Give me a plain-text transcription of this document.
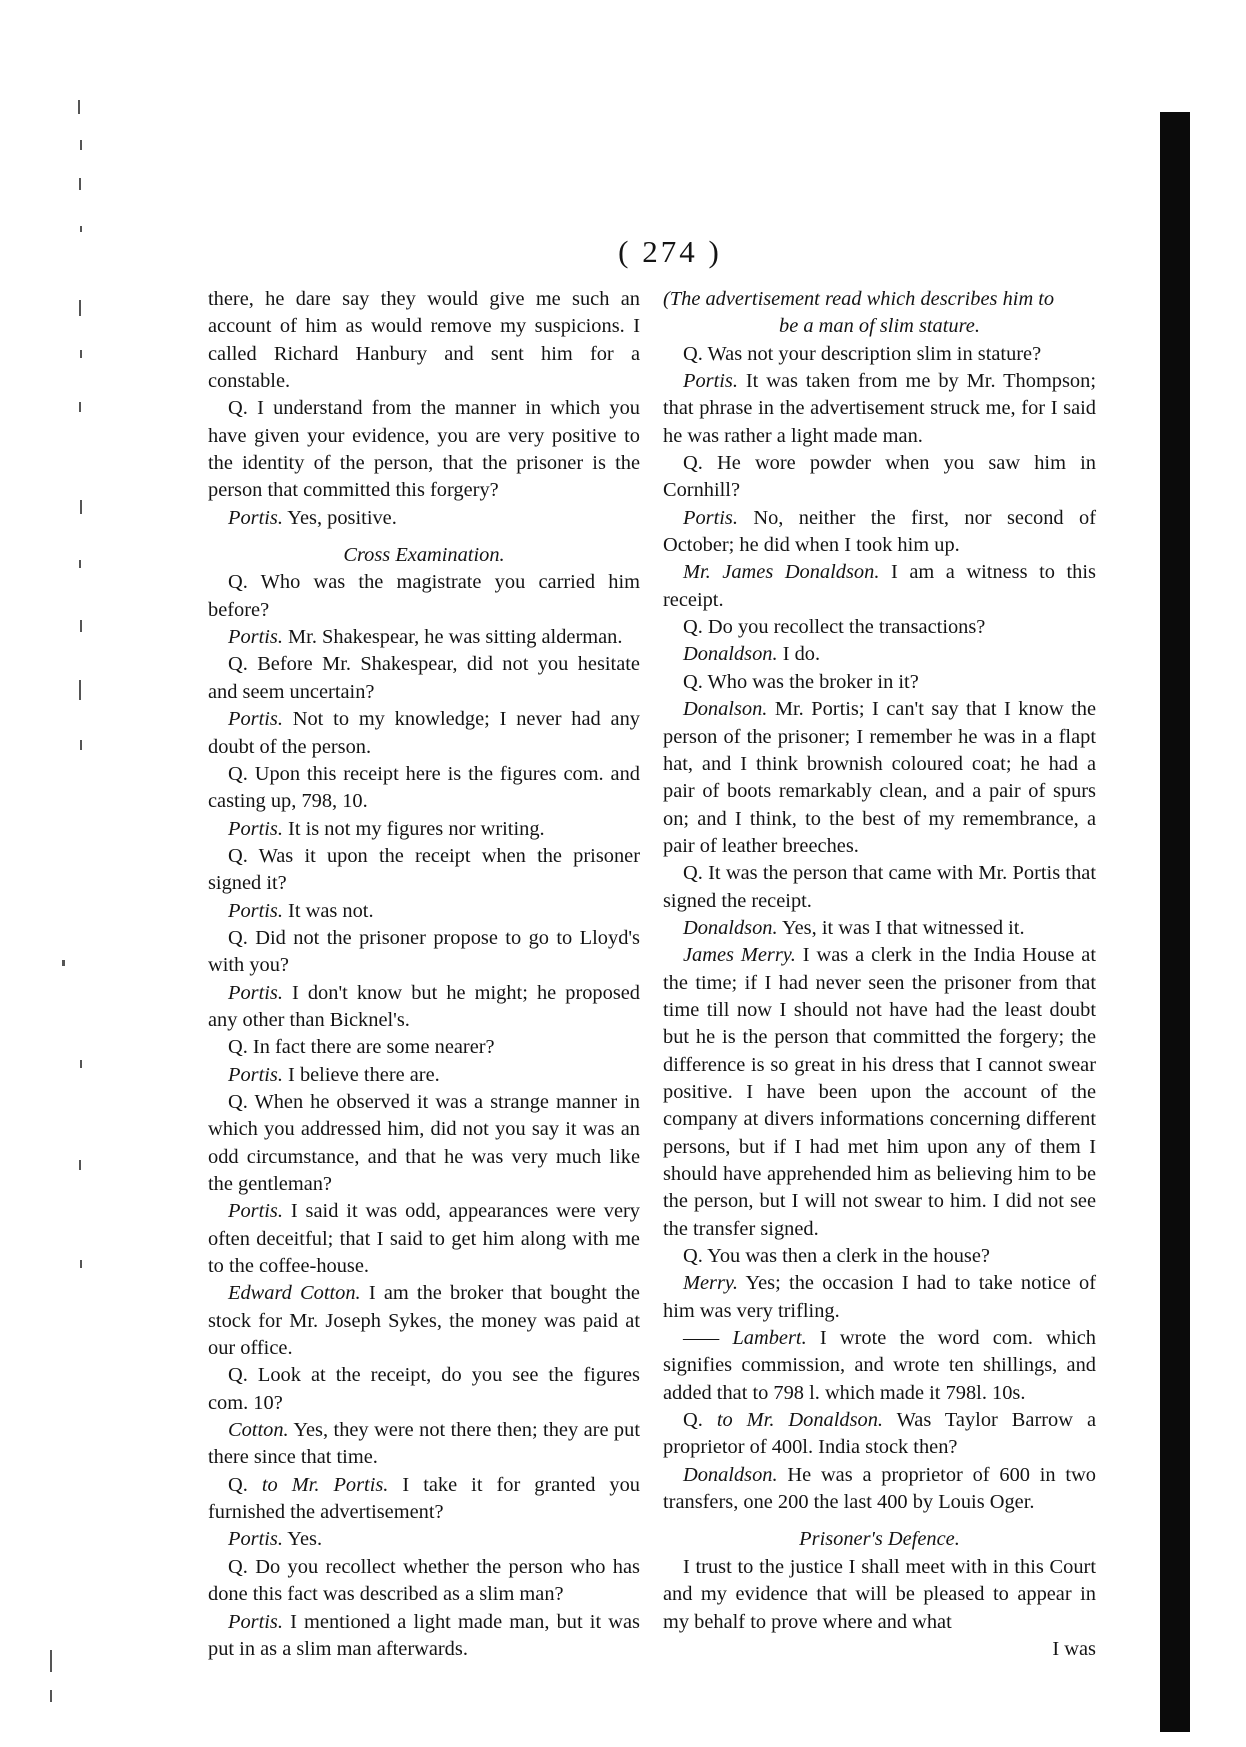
( 274 )

there, he dare say they would give me such an account of him as would remove my suspicions. I called Richard Hanbury and sent him for a constable.

Q. I understand from the manner in which you have given your evidence, you are very positive to the identity of the person, that the prisoner is the person that committed this forgery?

Portis. Yes, positive.

Cross Examination.

Q. Who was the magistrate you carried him before?

Portis. Mr. Shakespear, he was sitting alderman.

Q. Before Mr. Shakespear, did not you hesitate and seem uncertain?

Portis. Not to my knowledge; I never had any doubt of the person.

Q. Upon this receipt here is the figures com. and casting up, 798, 10.

Portis. It is not my figures nor writing.

Q. Was it upon the receipt when the prisoner signed it?

Portis. It was not.

Q. Did not the prisoner propose to go to Lloyd's with you?

Portis. I don't know but he might; he proposed any other than Bicknel's.

Q. In fact there are some nearer?

Portis. I believe there are.

Q. When he observed it was a strange manner in which you addressed him, did not you say it was an odd circumstance, and that he was very much like the gentleman?

Portis. I said it was odd, appearances were very often deceitful; that I said to get him along with me to the coffee-house.

Edward Cotton. I am the broker that bought the stock for Mr. Joseph Sykes, the money was paid at our office.

Q. Look at the receipt, do you see the figures com. 10?

Cotton. Yes, they were not there then; they are put there since that time.

Q. to Mr. Portis. I take it for granted you furnished the advertisement?

Portis. Yes.

Q. Do you recollect whether the person who has done this fact was described as a slim man?

Portis. I mentioned a light made man, but it was put in as a slim man afterwards.

(The advertisement read which describes him to
be a man of slim stature.

Q. Was not your description slim in stature?

Portis. It was taken from me by Mr. Thompson; that phrase in the advertisement struck me, for I said he was rather a light made man.

Q. He wore powder when you saw him in Cornhill?

Portis. No, neither the first, nor second of October; he did when I took him up.

Mr. James Donaldson. I am a witness to this receipt.

Q. Do you recollect the transactions?

Donaldson. I do.

Q. Who was the broker in it?

Donalson. Mr. Portis; I can't say that I know the person of the prisoner; I remember he was in a flapt hat, and I think brownish coloured coat; he had a pair of boots remarkably clean, and a pair of spurs on; and I think, to the best of my remembrance, a pair of leather breeches.

Q. It was the person that came with Mr. Portis that signed the receipt.

Donaldson. Yes, it was I that witnessed it.

James Merry. I was a clerk in the India House at the time; if I had never seen the prisoner from that time till now I should not have had the least doubt but he is the person that committed the forgery; the difference is so great in his dress that I cannot swear positive. I have been upon the account of the company at divers informations concerning different persons, but if I had met him upon any of them I should have apprehended him as believing him to be the person, but I will not swear to him. I did not see the transfer signed.

Q. You was then a clerk in the house?

Merry. Yes; the occasion I had to take notice of him was very trifling.

—— Lambert. I wrote the word com. which signifies commission, and wrote ten shillings, and added that to 798 l. which made it 798l. 10s.

Q. to Mr. Donaldson. Was Taylor Barrow a proprietor of 400l. India stock then?

Donaldson. He was a proprietor of 600 in two transfers, one 200 the last 400 by Louis Oger.

Prisoner's Defence.

I trust to the justice I shall meet with in this Court and my evidence that will be pleased to appear in my behalf to prove where and what

I was
